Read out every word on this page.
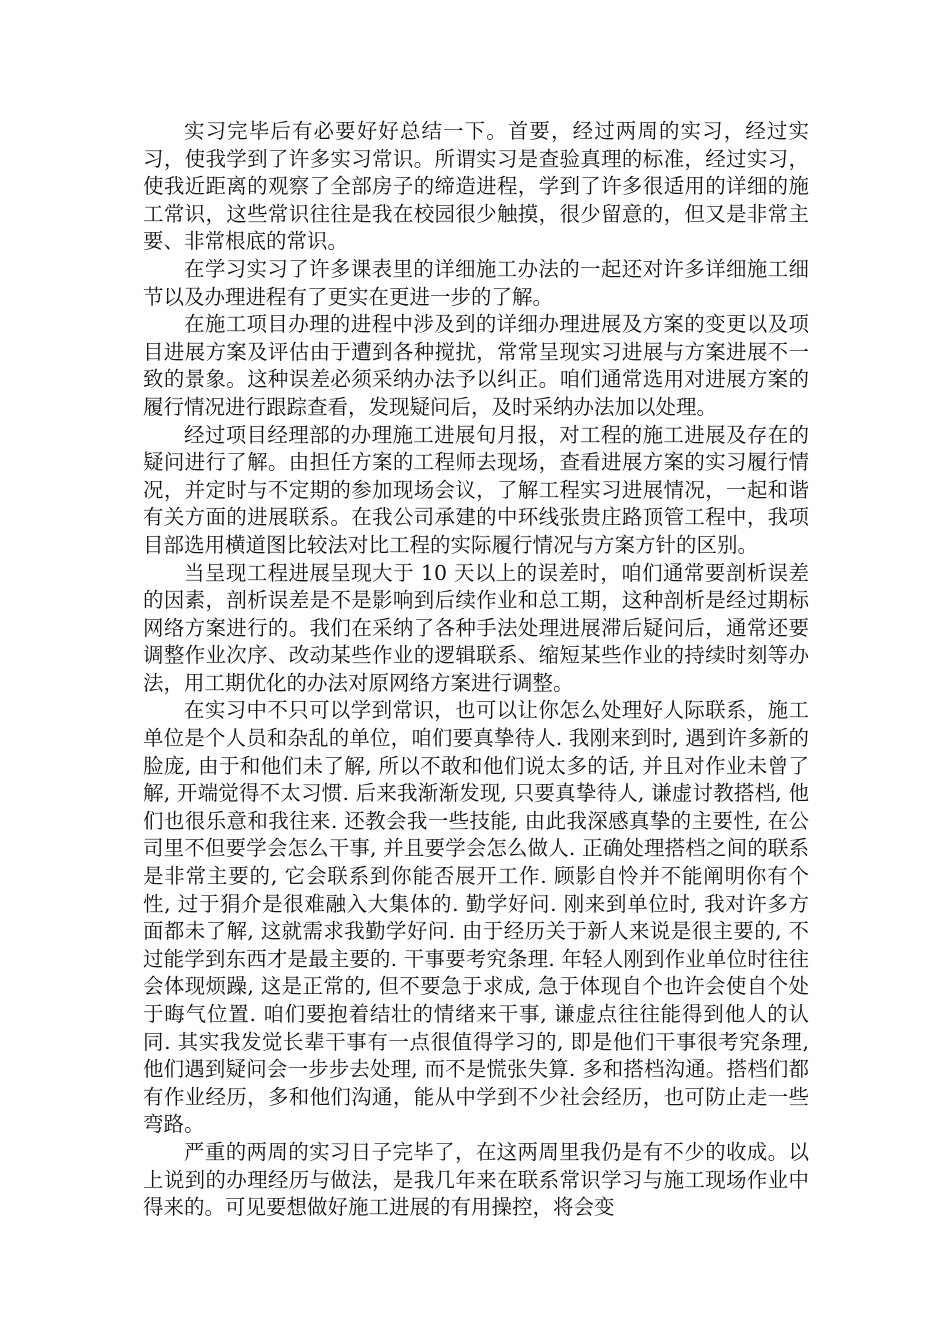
实习完毕后有必要好好总结一下。首要，经过两周的实习，经过实习，使我学到了许多实习常识。所谓实习是查验真理的标准，经过实习，使我近距离的观察了全部房子的缔造进程，学到了许多很适用的详细的施工常识，这些常识往往是我在校园很少触摸，很少留意的，但又是非常主要、非常根底的常识。

在学习实习了许多课表里的详细施工办法的一起还对许多详细施工细节以及办理进程有了更实在更进一步的了解。

在施工项目办理的进程中涉及到的详细办理进展及方案的变更以及项目进展方案及评估由于遭到各种搅扰，常常呈现实习进展与方案进展不一致的景象。这种误差必须采纳办法予以纠正。咱们通常选用对进展方案的履行情况进行跟踪查看，发现疑问后，及时采纳办法加以处理。

经过项目经理部的办理施工进展旬月报，对工程的施工进展及存在的疑问进行了解。由担任方案的工程师去现场，查看进展方案的实习履行情况，并定时与不定期的参加现场会议，了解工程实习进展情况，一起和谐有关方面的进展联系。在我公司承建的中环线张贵庄路顶管工程中，我项目部选用横道图比较法对比工程的实际履行情况与方案方针的区别。

当呈现工程进展呈现大于 10 天以上的误差时，咱们通常要剖析误差的因素，剖析误差是不是影响到后续作业和总工期，这种剖析是经过期标网络方案进行的。我们在采纳了各种手法处理进展滞后疑问后，通常还要调整作业次序、改动某些作业的逻辑联系、缩短某些作业的持续时刻等办法，用工期优化的办法对原网络方案进行调整。

在实习中不只可以学到常识，也可以让你怎么处理好人际联系，施工单位是个人员和杂乱的单位，咱们要真挚待人. 我刚来到时, 遇到许多新的脸庞, 由于和他们未了解, 所以不敢和他们说太多的话, 并且对作业未曾了解, 开端觉得不太习惯. 后来我渐渐发现, 只要真挚待人, 谦虚讨教搭档, 他们也很乐意和我往来. 还教会我一些技能, 由此我深感真挚的主要性, 在公司里不但要学会怎么干事, 并且要学会怎么做人. 正确处理搭档之间的联系是非常主要的, 它会联系到你能否展开工作. 顾影自怜并不能阐明你有个性, 过于狷介是很难融入大集体的. 勤学好问. 刚来到单位时, 我对许多方面都未了解, 这就需求我勤学好问. 由于经历关于新人来说是很主要的, 不过能学到东西才是最主要的. 干事要考究条理. 年轻人刚到作业单位时往往会体现烦躁, 这是正常的, 但不要急于求成, 急于体现自个也许会使自个处于晦气位置. 咱们要抱着结壮的情绪来干事, 谦虚点往往能得到他人的认同. 其实我发觉长辈干事有一点很值得学习的, 即是他们干事很考究条理, 他们遇到疑问会一步步去处理, 而不是慌张失算. 多和搭档沟通。搭档们都有作业经历，多和他们沟通，能从中学到不少社会经历，也可防止走一些弯路。

严重的两周的实习日子完毕了，在这两周里我仍是有不少的收成。以上说到的办理经历与做法，是我几年来在联系常识学习与施工现场作业中得来的。可见要想做好施工进展的有用操控，将会变
